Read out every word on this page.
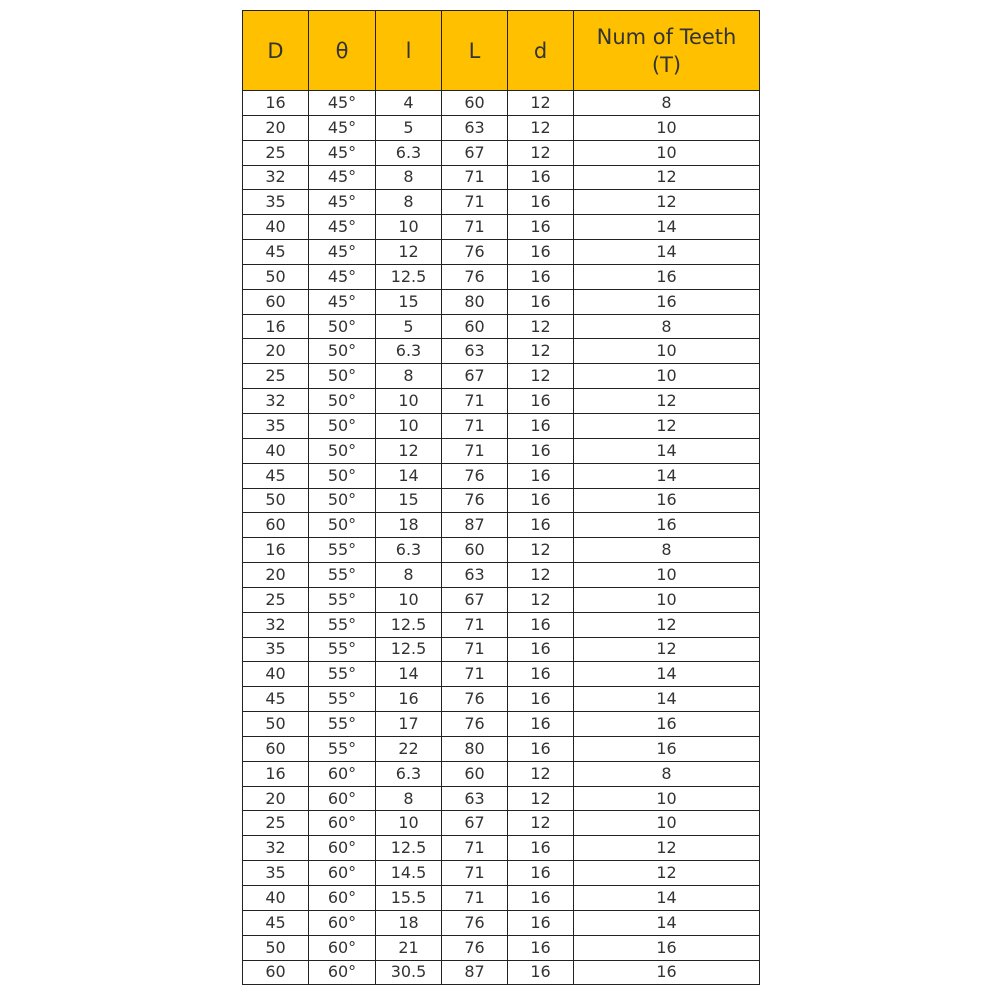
D	θ	l	L	d	Num of Teeth
(T)

16	45°	4	60	12	8
20	45°	5	63	12	10
25	45°	6.3	67	12	10
32	45°	8	71	16	12
35	45°	8	71	16	12
40	45°	10	71	16	14
45	45°	12	76	16	14
50	45°	12.5	76	16	16
60	45°	15	80	16	16
16	50°	5	60	12	8
20	50°	6.3	63	12	10
25	50°	8	67	12	10
32	50°	10	71	16	12
35	50°	10	71	16	12
40	50°	12	71	16	14
45	50°	14	76	16	14
50	50°	15	76	16	16
60	50°	18	87	16	16
16	55°	6.3	60	12	8
20	55°	8	63	12	10
25	55°	10	67	12	10
32	55°	12.5	71	16	12
35	55°	12.5	71	16	12
40	55°	14	71	16	14
45	55°	16	76	16	14
50	55°	17	76	16	16
60	55°	22	80	16	16
16	60°	6.3	60	12	8
20	60°	8	63	12	10
25	60°	10	67	12	10
32	60°	12.5	71	16	12
35	60°	14.5	71	16	12
40	60°	15.5	71	16	14
45	60°	18	76	16	14
50	60°	21	76	16	16
60	60°	30.5	87	16	16
